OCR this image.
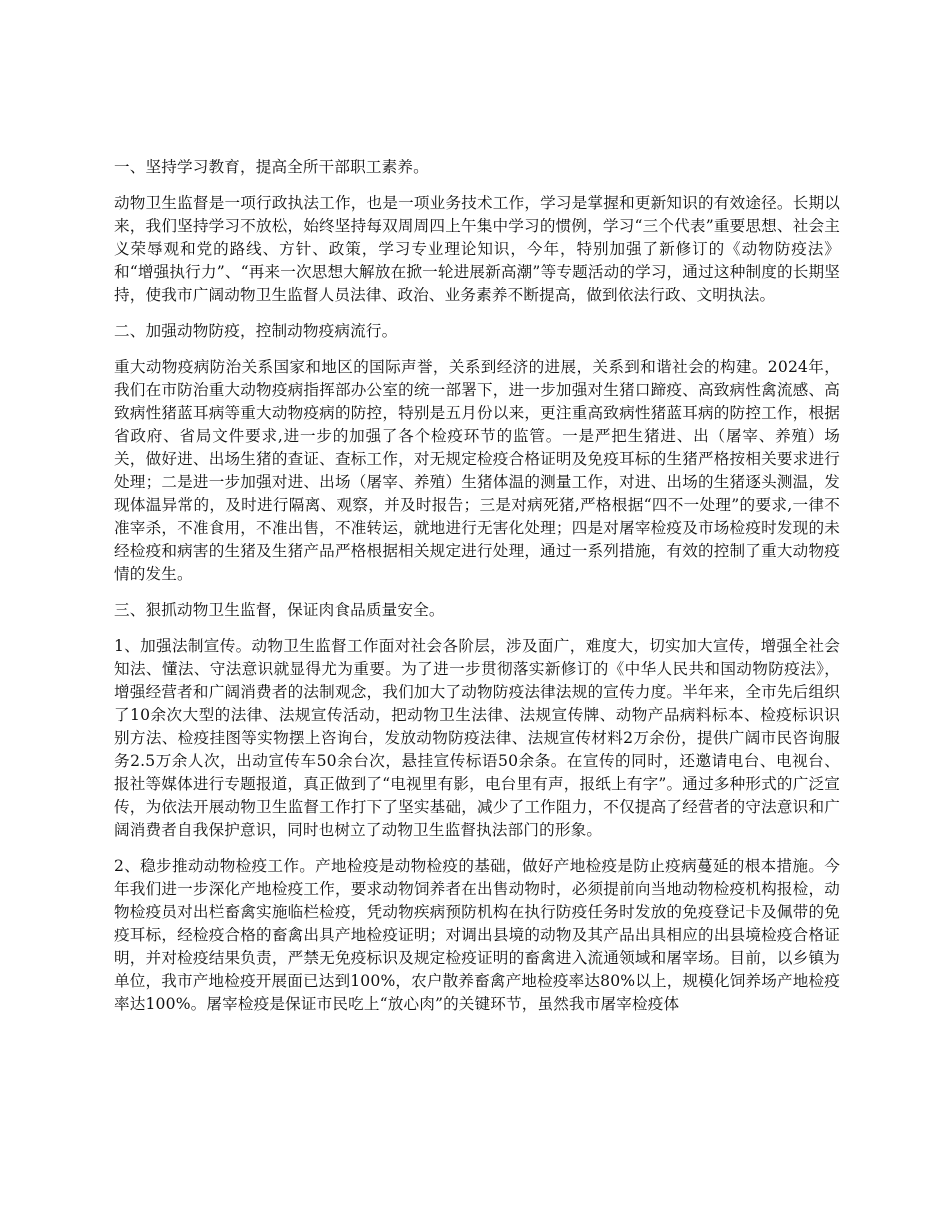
一、坚持学习教育，提高全所干部职工素养。

动物卫生监督是一项行政执法工作，也是一项业务技术工作，学习是掌握和更新知识的有效途径。长期以来，我们坚持学习不放松，始终坚持每双周周四上午集中学习的惯例，学习“三个代表”重要思想、社会主义荣辱观和党的路线、方针、政策，学习专业理论知识，今年，特别加强了新修订的《动物防疫法》和“增强执行力”、“再来一次思想大解放在掀一轮进展新高潮”等专题活动的学习，通过这种制度的长期坚持，使我市广阔动物卫生监督人员法律、政治、业务素养不断提高，做到依法行政、文明执法。

二、加强动物防疫，控制动物疫病流行。

重大动物疫病防治关系国家和地区的国际声誉，关系到经济的进展，关系到和谐社会的构建。2024年，我们在市防治重大动物疫病指挥部办公室的统一部署下，进一步加强对生猪口蹄疫、高致病性禽流感、高致病性猪蓝耳病等重大动物疫病的防控，特别是五月份以来，更注重高致病性猪蓝耳病的防控工作，根据省政府、省局文件要求,进一步的加强了各个检疫环节的监管。一是严把生猪进、出（屠宰、养殖）场关，做好进、出场生猪的查证、查标工作，对无规定检疫合格证明及免疫耳标的生猪严格按相关要求进行处理；二是进一步加强对进、出场（屠宰、养殖）生猪体温的测量工作，对进、出场的生猪逐头测温，发现体温异常的，及时进行隔离、观察，并及时报告；三是对病死猪,严格根据“四不一处理”的要求,一律不准宰杀，不准食用，不准出售，不准转运，就地进行无害化处理；四是对屠宰检疫及市场检疫时发现的未经检疫和病害的生猪及生猪产品严格根据相关规定进行处理，通过一系列措施，有效的控制了重大动物疫情的发生。

三、狠抓动物卫生监督，保证肉食品质量安全。

1、加强法制宣传。动物卫生监督工作面对社会各阶层，涉及面广，难度大，切实加大宣传，增强全社会知法、懂法、守法意识就显得尤为重要。为了进一步贯彻落实新修订的《中华人民共和国动物防疫法》，增强经营者和广阔消费者的法制观念，我们加大了动物防疫法律法规的宣传力度。半年来，全市先后组织了10余次大型的法律、法规宣传活动，把动物卫生法律、法规宣传牌、动物产品病料标本、检疫标识识别方法、检疫挂图等实物摆上咨询台，发放动物防疫法律、法规宣传材料2万余份，提供广阔市民咨询服务2.5万余人次，出动宣传车50余台次，悬挂宣传标语50余条。在宣传的同时，还邀请电台、电视台、报社等媒体进行专题报道，真正做到了“电视里有影，电台里有声，报纸上有字”。通过多种形式的广泛宣传，为依法开展动物卫生监督工作打下了坚实基础，减少了工作阻力，不仅提高了经营者的守法意识和广阔消费者自我保护意识，同时也树立了动物卫生监督执法部门的形象。

2、稳步推动动物检疫工作。产地检疫是动物检疫的基础，做好产地检疫是防止疫病蔓延的根本措施。今年我们进一步深化产地检疫工作，要求动物饲养者在出售动物时，必须提前向当地动物检疫机构报检，动物检疫员对出栏畜禽实施临栏检疫，凭动物疾病预防机构在执行防疫任务时发放的免疫登记卡及佩带的免疫耳标，经检疫合格的畜禽出具产地检疫证明；对调出县境的动物及其产品出具相应的出县境检疫合格证明，并对检疫结果负责，严禁无免疫标识及规定检疫证明的畜禽进入流通领域和屠宰场。目前，以乡镇为单位，我市产地检疫开展面已达到100%，农户散养畜禽产地检疫率达80%以上，规模化饲养场产地检疫率达100%。屠宰检疫是保证市民吃上“放心肉”的关键环节，虽然我市屠宰检疫体
